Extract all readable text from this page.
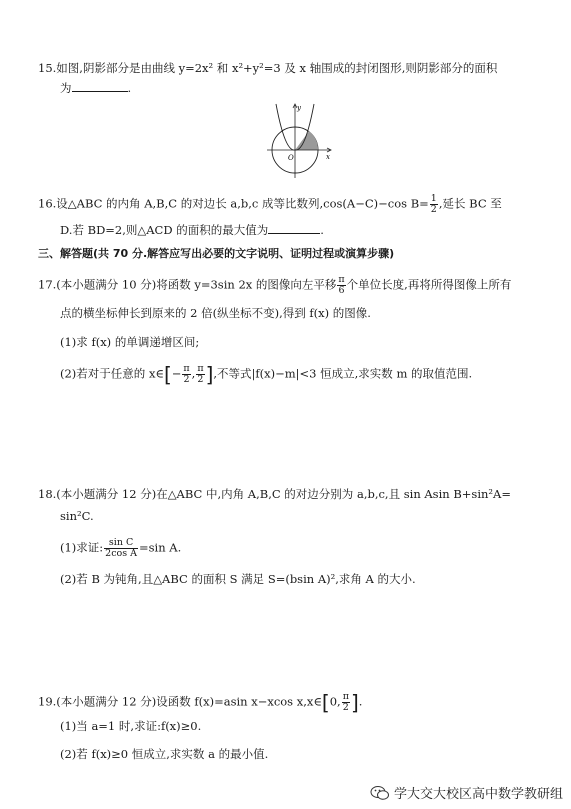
15.如图,阴影部分是由曲线 y=2x² 和 x²+y²=3 及 x 轴围成的封闭图形,则阴影部分的面积
为	.
y
x
O
16.设△ABC 的内角 A,B,C 的对边长 a,b,c 成等比数列,cos(A−C)−cos $B= \frac{1}{2}$ ,延长 BC 至
D.若 BD=2,则△ACD 的面积的最大值为	.
三、解答题(共 70 分.解答应写出必要的文字说明、证明过程或演算步骤)
17.(本小题满分 10 分)将函数 y=3sin 2x 的图像向左平移 $\frac{\pi}{6}$ 个单位长度,再将所得图像上所有
点的横坐标伸长到原来的 2 倍(纵坐标不变),得到 f(x) 的图像.
(1)求 f(x) 的单调递增区间;
(2)若对于任意的 x∈[− $\frac{\pi}{2}$ , $\frac{\pi}{2}$ ],不等式|f(x)−m|<3 恒成立,求实数 m 的取值范围.
18.(本小题满分 12 分)在△ABC 中,内角 A,B,C 的对边分别为 a,b,c,且 sin Asin B+sin²A=
sin²C.
(1)求证: $\frac{\text{sin C}}{\text{2cos A}} =\sin$ A.
(2)若 B 为钝角,且△ABC 的面积 S 满足 S=(bsin A)²,求角 A 的大小.
19.(本小题满分 12 分)设函数 f(x)=asin x−xcos x,x∈[0, $\frac{\pi}{2}$ ].
(1)当 a=1 时,求证:f(x)≥0.
(2)若 f(x)≥0 恒成立,求实数 a 的最小值.
学大交大校区高中数学教研组
